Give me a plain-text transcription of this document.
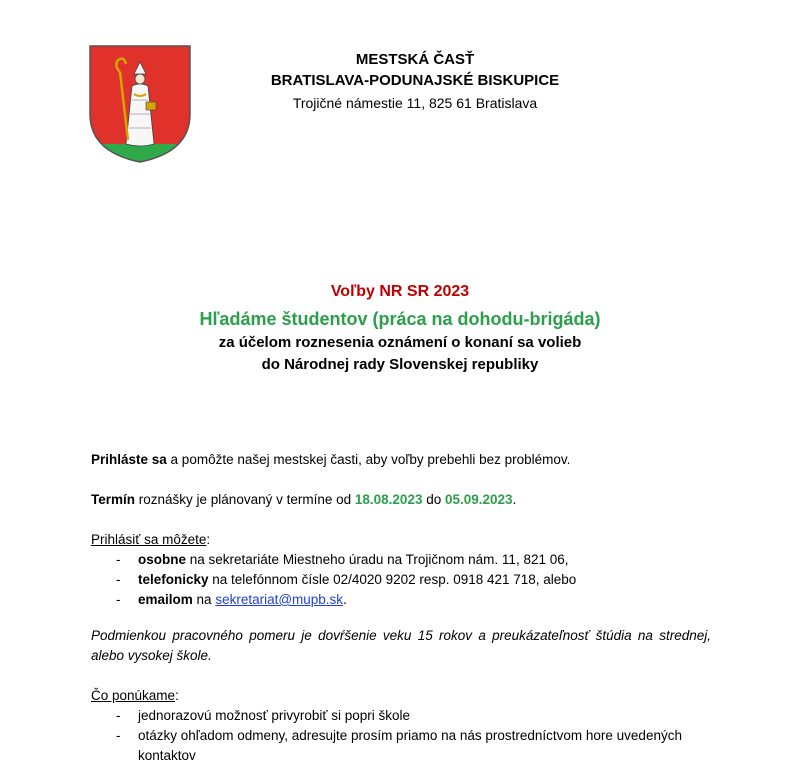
MESTSKÁ ČASŤ
BRATISLAVA-PODUNAJSKÉ BISKUPICE
Trojičné námestie 11, 825 61 Bratislava
Voľby NR SR 2023
Hľadáme študentov (práca na dohodu-brigáda)
za účelom roznesenia oznámení o konaní sa volieb
do Národnej rady Slovenskej republiky

Prihláste sa a pomôžte našej mestskej časti, aby voľby prebehli bez problémov.

Termín roznášky je plánovaný v termíne od 18.08.2023 do 05.09.2023.

Prihlásiť sa môžete:

- osobne na sekretariáte Miestneho úradu na Trojičnom nám. 11, 821 06,
- telefonicky na telefónnom čísle 02/4020 9202 resp. 0918 421 718, alebo
- emailom na sekretariat@mupb.sk.

Podmienkou pracovného pomeru je dovŕšenie veku 15 rokov a preukázateľnosť štúdia na strednej, alebo vysokej škole.

Čo ponúkame:

- jednorazovú možnosť privyrobiť si popri škole
- otázky ohľadom odmeny, adresujte prosím priamo na nás prostredníctvom hore uvedených kontaktov
